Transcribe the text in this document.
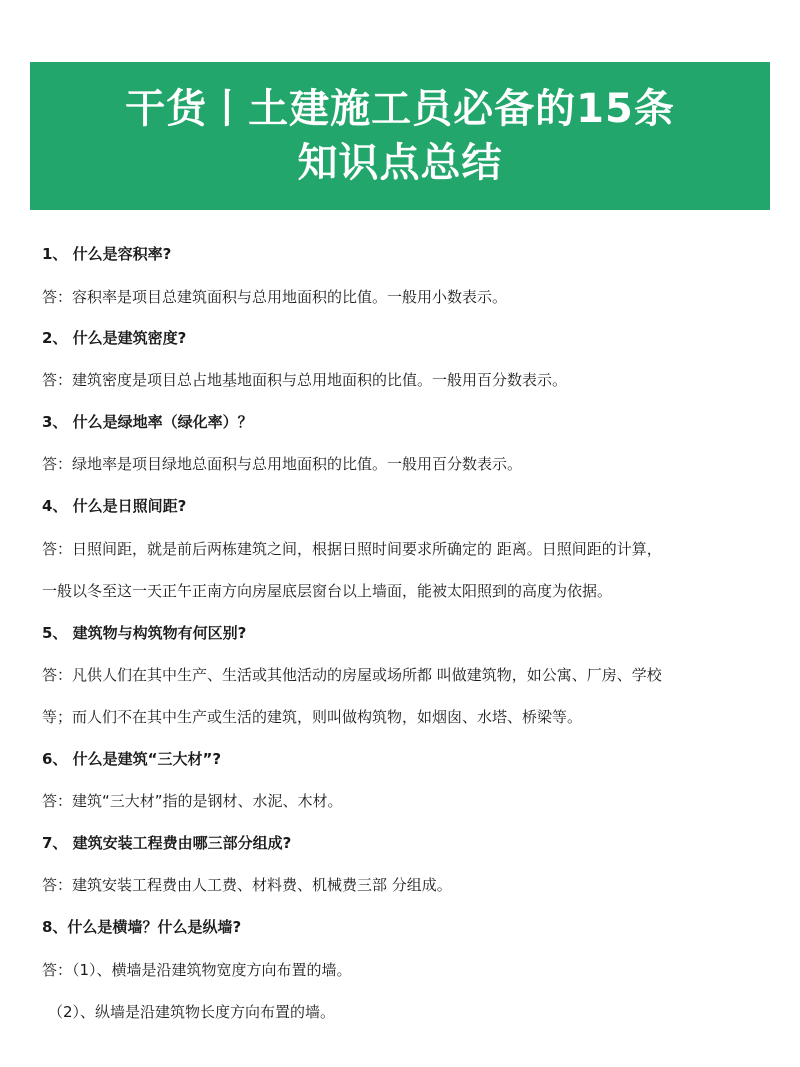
干货丨土建施工员必备的15条
知识点总结
1、 什么是容积率?
答：容积率是项目总建筑面积与总用地面积的比值。一般用小数表示。
2、 什么是建筑密度?
答：建筑密度是项目总占地基地面积与总用地面积的比值。一般用百分数表示。
3、 什么是绿地率（绿化率）？
答：绿地率是项目绿地总面积与总用地面积的比值。一般用百分数表示。
4、 什么是日照间距?
答：日照间距，就是前后两栋建筑之间，根据日照时间要求所确定的 距离。日照间距的计算，
一般以冬至这一天正午正南方向房屋底层窗台以上墙面，能被太阳照到的高度为依据。
5、 建筑物与构筑物有何区别?
答：凡供人们在其中生产、生活或其他活动的房屋或场所都 叫做建筑物，如公寓、厂房、学校
等；而人们不在其中生产或生活的建筑，则叫做构筑物，如烟囱、水塔、桥梁等。
6、 什么是建筑“三大材”?
答：建筑“三大材”指的是钢材、水泥、木材。
7、 建筑安装工程费由哪三部分组成?
答：建筑安装工程费由人工费、材料费、机械费三部 分组成。
8、什么是横墙？什么是纵墙?
答：（1）、横墙是沿建筑物宽度方向布置的墙。
（2）、纵墙是沿建筑物长度方向布置的墙。
